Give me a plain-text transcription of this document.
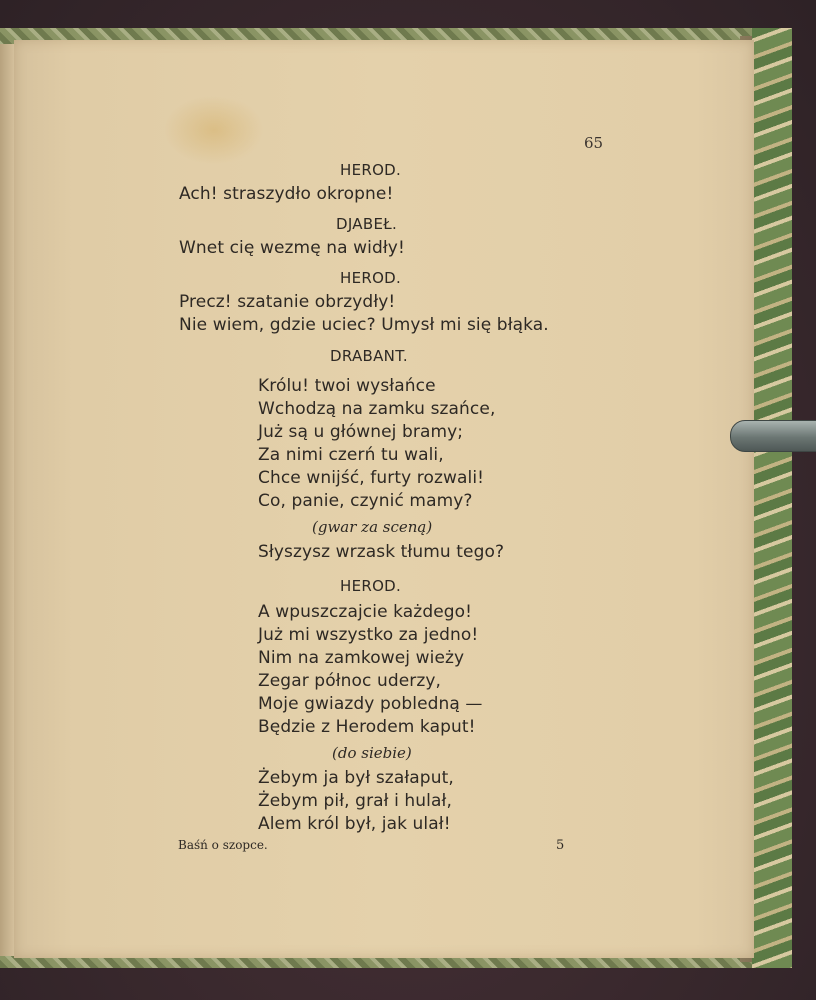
65
HEROD.
Ach! straszydło okropne!
DJABEŁ.
Wnet cię wezmę na widły!
HEROD.
Precz! szatanie obrzydły!
Nie wiem, gdzie uciec? Umysł mi się błąka.
DRABANT.
Królu! twoi wysłańce
Wchodzą na zamku szańce,
Już są u głównej bramy;
Za nimi czerń tu wali,
Chce wnijść, furty rozwali!
Co, panie, czynić mamy?
(gwar za sceną)
Słyszysz wrzask tłumu tego?
HEROD.
A wpuszczajcie każdego!
Już mi wszystko za jedno!
Nim na zamkowej wieży
Zegar północ uderzy,
Moje gwiazdy pobledną —
Będzie z Herodem kaput!
(do siebie)
Żebym ja był szałaput,
Żebym pił, grał i hulał,
Alem król był, jak ulał!
Baśń o szopce.	5
